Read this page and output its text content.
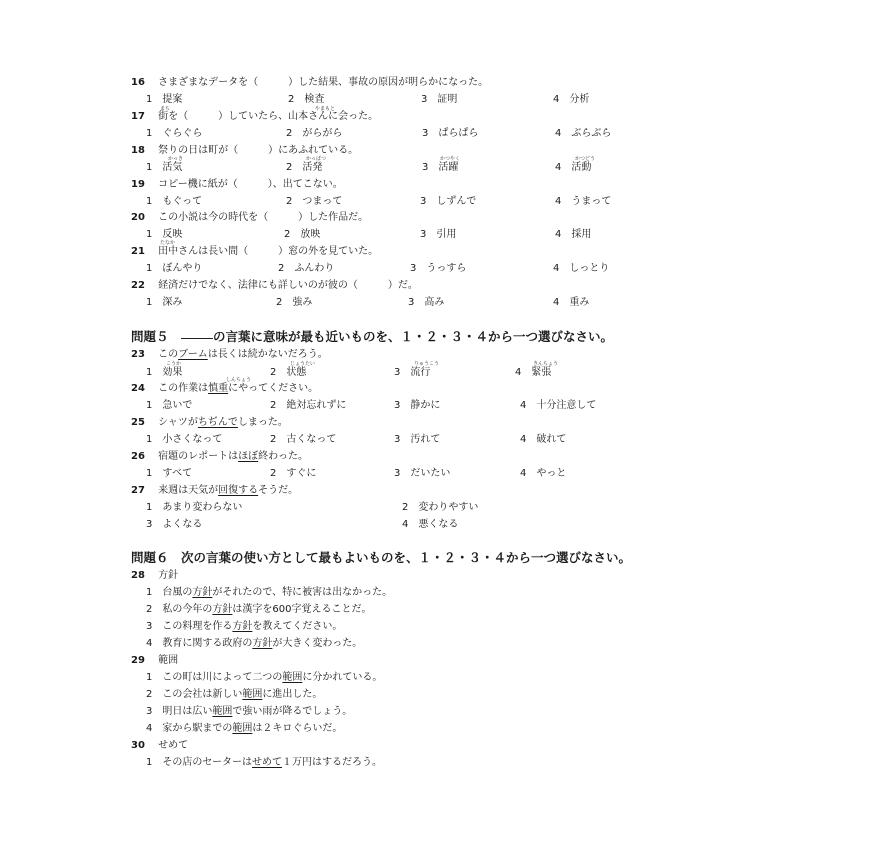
16 さまざまなデータを（　　　）した結果、事故の原因が明らかになった。
1　提案	2　検査	3　証明	4　分析
まち	やまもと
17 街を（　　　）していたら、山本さんに会った。
1　ぐらぐら	2　がらがら	3　ぱらぱら	4　ぶらぶら
18 祭りの日は町が（　　　）にあふれている。
かっき	かっぱつ	かつやく	かつどう
1　活気	2　活発	3　活躍	4　活動
19 コピー機に紙が（　　　）、出てこない。
1　もぐって	2　つまって	3　しずんで	4　うまって
20 この小説は今の時代を（　　　）した作品だ。
1　反映	2　放映	3　引用	4　採用
たなか
21 田中さんは長い間（　　　）窓の外を見ていた。
1　ぼんやり	2　ふんわり	3　うっすら	4　しっとり
22 経済だけでなく、法律にも詳しいのが彼の（　　　）だ。
1　深み	2　強み	3　高み	4　重み
問題５　	の言葉に意味が最も近いものを、１・２・３・４から一つ選びなさい。
23 このブームは長くは続かないだろう。
こうか	じょうたい	りゅうこう	きんちょう
1　効果	2　状態	3　流行	4　緊張
しんちょう
24 この作業は慎重にやってください。
1　急いで	2　絶対忘れずに	3　静かに	4　十分注意して
25 シャツがちぢんでしまった。
1　小さくなって	2　古くなって	3　汚れて	4　破れて
26 宿題のレポートはほぼ終わった。
1　すべて	2　すぐに	3　だいたい	4　やっと
27 来週は天気が回復するそうだ。
1　あまり変わらない	2　変わりやすい
3　よくなる	4　悪くなる
問題６　次の言葉の使い方として最もよいものを、１・２・３・４から一つ選びなさい。
28 方針
1　台風の方針がそれたので、特に被害は出なかった。
2　私の今年の方針は漢字を600字覚えることだ。
3　この料理を作る方針を教えてください。
4　教育に関する政府の方針が大きく変わった。
29 範囲
1　この町は川によって二つの範囲に分かれている。
2　この会社は新しい範囲に進出した。
3　明日は広い範囲で強い雨が降るでしょう。
4　家から駅までの範囲は２キロぐらいだ。
30 せめて
1　その店のセーターはせめて１万円はするだろう。
